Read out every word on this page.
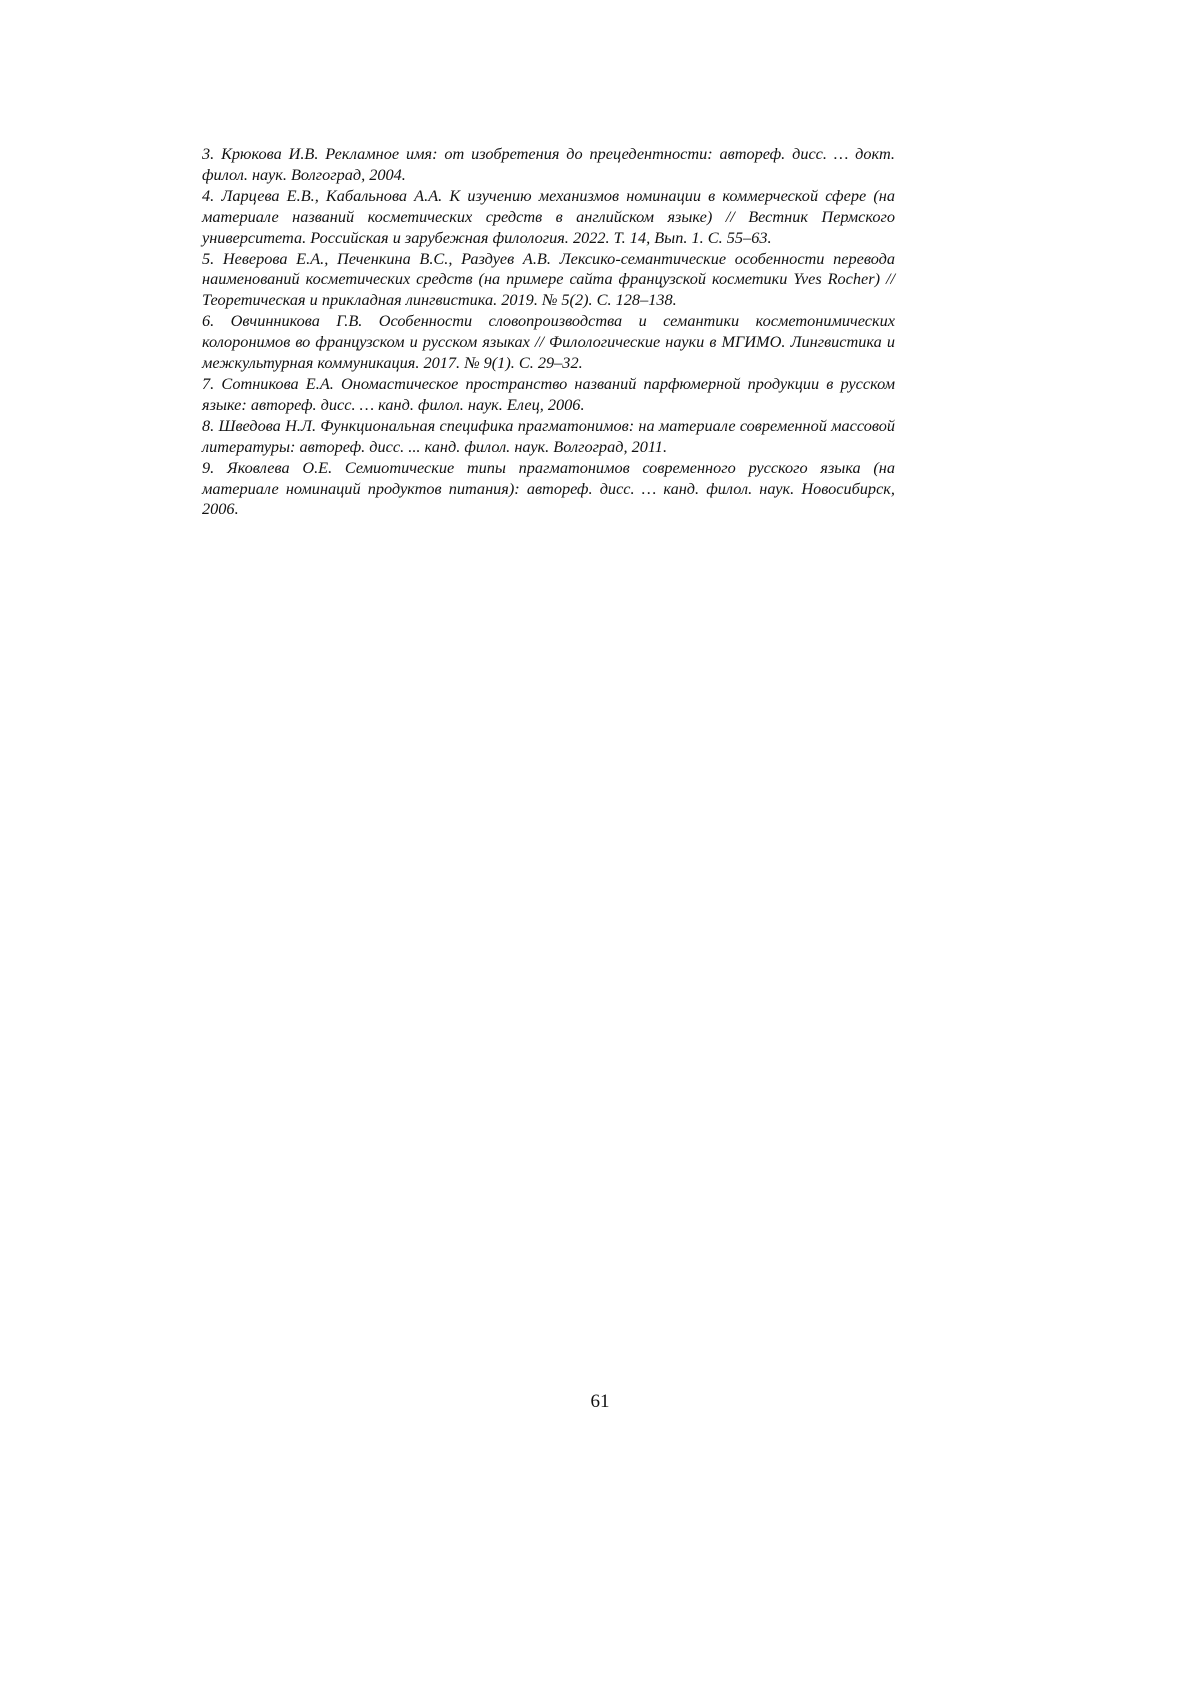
3. Крюкова И.В. Рекламное имя: от изобретения до прецедентности: автореф. дисс. … докт. филол. наук. Волгоград, 2004.
4. Ларцева Е.В., Кабальнова А.А. К изучению механизмов номинации в коммерческой сфере (на материале названий косметических средств в английском языке) // Вестник Пермского университета. Российская и зарубежная филология. 2022. Т. 14, Вып. 1. С. 55–63.
5. Неверова Е.А., Печенкина В.С., Раздуев А.В. Лексико-семантические особенности перевода наименований косметических средств (на примере сайта французской косметики Yves Rocher) // Теоретическая и прикладная лингвистика. 2019. № 5(2). С. 128–138.
6. Овчинникова Г.В. Особенности словопроизводства и семантики косметонимических колоронимов во французском и русском языках // Филологические науки в МГИМО. Лингвистика и межкультурная коммуникация. 2017. № 9(1). С. 29–32.
7. Сотникова Е.А. Ономастическое пространство названий парфюмерной продукции в русском языке: автореф. дисс. … канд. филол. наук. Елец, 2006.
8. Шведова Н.Л. Функциональная специфика прагматонимов: на материале современной массовой литературы: автореф. дисс. ... канд. филол. наук. Волгоград, 2011.
9. Яковлева О.Е. Семиотические типы прагматонимов современного русского языка (на материале номинаций продуктов питания): автореф. дисс. … канд. филол. наук. Новосибирск, 2006.
61
